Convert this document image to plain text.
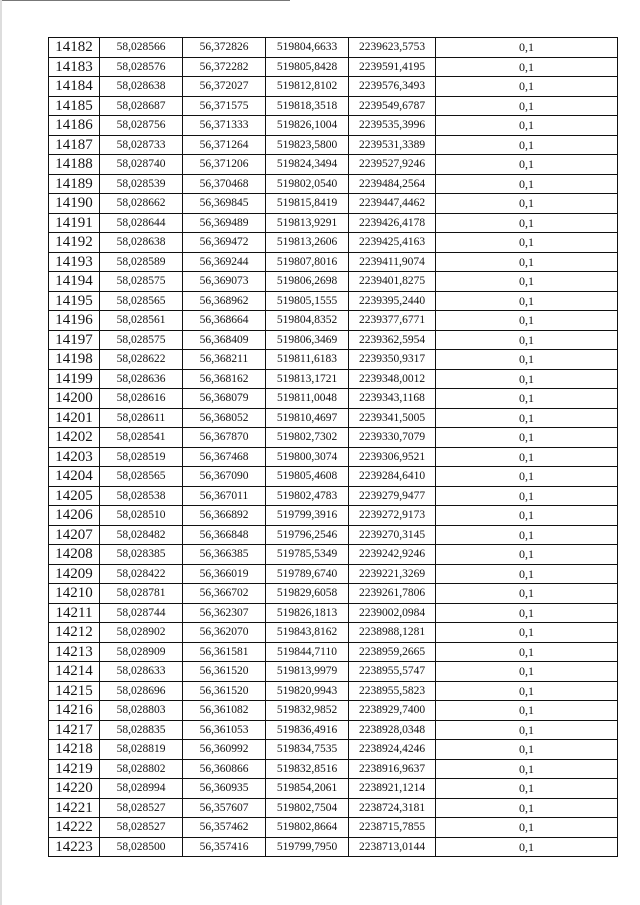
14182	58,028566	56,372826	519804,6633	2239623,5753	0,1
14183	58,028576	56,372282	519805,8428	2239591,4195	0,1
14184	58,028638	56,372027	519812,8102	2239576,3493	0,1
14185	58,028687	56,371575	519818,3518	2239549,6787	0,1
14186	58,028756	56,371333	519826,1004	2239535,3996	0,1
14187	58,028733	56,371264	519823,5800	2239531,3389	0,1
14188	58,028740	56,371206	519824,3494	2239527,9246	0,1
14189	58,028539	56,370468	519802,0540	2239484,2564	0,1
14190	58,028662	56,369845	519815,8419	2239447,4462	0,1
14191	58,028644	56,369489	519813,9291	2239426,4178	0,1
14192	58,028638	56,369472	519813,2606	2239425,4163	0,1
14193	58,028589	56,369244	519807,8016	2239411,9074	0,1
14194	58,028575	56,369073	519806,2698	2239401,8275	0,1
14195	58,028565	56,368962	519805,1555	2239395,2440	0,1
14196	58,028561	56,368664	519804,8352	2239377,6771	0,1
14197	58,028575	56,368409	519806,3469	2239362,5954	0,1
14198	58,028622	56,368211	519811,6183	2239350,9317	0,1
14199	58,028636	56,368162	519813,1721	2239348,0012	0,1
14200	58,028616	56,368079	519811,0048	2239343,1168	0,1
14201	58,028611	56,368052	519810,4697	2239341,5005	0,1
14202	58,028541	56,367870	519802,7302	2239330,7079	0,1
14203	58,028519	56,367468	519800,3074	2239306,9521	0,1
14204	58,028565	56,367090	519805,4608	2239284,6410	0,1
14205	58,028538	56,367011	519802,4783	2239279,9477	0,1
14206	58,028510	56,366892	519799,3916	2239272,9173	0,1
14207	58,028482	56,366848	519796,2546	2239270,3145	0,1
14208	58,028385	56,366385	519785,5349	2239242,9246	0,1
14209	58,028422	56,366019	519789,6740	2239221,3269	0,1
14210	58,028781	56,366702	519829,6058	2239261,7806	0,1
14211	58,028744	56,362307	519826,1813	2239002,0984	0,1
14212	58,028902	56,362070	519843,8162	2238988,1281	0,1
14213	58,028909	56,361581	519844,7110	2238959,2665	0,1
14214	58,028633	56,361520	519813,9979	2238955,5747	0,1
14215	58,028696	56,361520	519820,9943	2238955,5823	0,1
14216	58,028803	56,361082	519832,9852	2238929,7400	0,1
14217	58,028835	56,361053	519836,4916	2238928,0348	0,1
14218	58,028819	56,360992	519834,7535	2238924,4246	0,1
14219	58,028802	56,360866	519832,8516	2238916,9637	0,1
14220	58,028994	56,360935	519854,2061	2238921,1214	0,1
14221	58,028527	56,357607	519802,7504	2238724,3181	0,1
14222	58,028527	56,357462	519802,8664	2238715,7855	0,1
14223	58,028500	56,357416	519799,7950	2238713,0144	0,1
